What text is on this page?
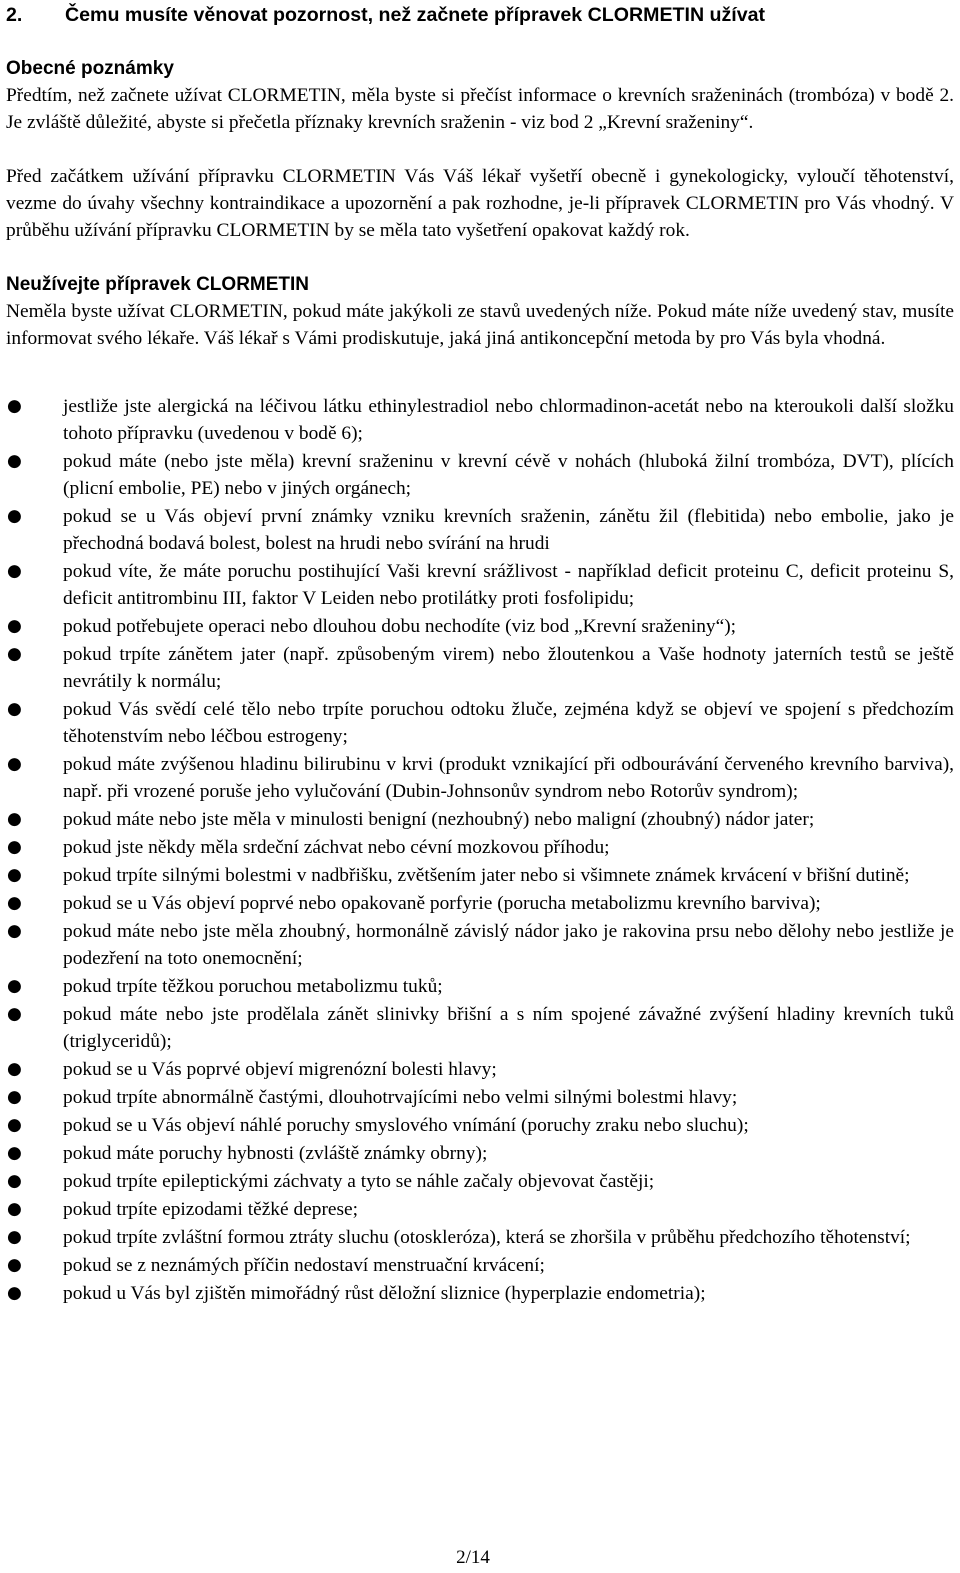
2.	Čemu musíte věnovat pozornost, než začnete přípravek CLORMETIN užívat
Obecné poznámky

Předtím, než začnete užívat CLORMETIN, měla byste si přečíst informace o krevních sraženinách (trombóza) v bodě 2. Je zvláště důležité, abyste si přečetla příznaky krevních sraženin - viz bod 2 „Krevní sraženiny“.

Před začátkem užívání přípravku CLORMETIN Vás Váš lékař vyšetří obecně i gynekologicky, vyloučí těhotenství, vezme do úvahy všechny kontraindikace a upozornění a pak rozhodne, je-li přípravek CLORMETIN pro Vás vhodný. V průběhu užívání přípravku CLORMETIN by se měla tato vyšetření opakovat každý rok.

Neužívejte přípravek CLORMETIN

Neměla byste užívat CLORMETIN, pokud máte jakýkoli ze stavů uvedených níže. Pokud máte níže uvedený stav, musíte informovat svého lékaře. Váš lékař s Vámi prodiskutuje, jaká jiná antikoncepční metoda by pro Vás byla vhodná.

● jestliže jste alergická na léčivou látku ethinylestradiol nebo chlormadinon-acetát nebo na kteroukoli další složku tohoto přípravku (uvedenou v bodě 6);
● pokud máte (nebo jste měla) krevní sraženinu v krevní cévě v nohách (hluboká žilní trombóza, DVT), plících (plicní embolie, PE) nebo v jiných orgánech;
● pokud se u Vás objeví první známky vzniku krevních sraženin, zánětu žil (flebitida) nebo embolie, jako je přechodná bodavá bolest, bolest na hrudi nebo svírání na hrudi
● pokud víte, že máte poruchu postihující Vaši krevní srážlivost - například deficit proteinu C, deficit proteinu S, deficit antitrombinu III, faktor V Leiden nebo protilátky proti fosfolipidu;
● pokud potřebujete operaci nebo dlouhou dobu nechodíte (viz bod „Krevní sraženiny“);
● pokud trpíte zánětem jater (např. způsobeným virem) nebo žloutenkou a Vaše hodnoty jaterních testů se ještě nevrátily k normálu;
● pokud Vás svědí celé tělo nebo trpíte poruchou odtoku žluče, zejména když se objeví ve spojení s předchozím těhotenstvím nebo léčbou estrogeny;
● pokud máte zvýšenou hladinu bilirubinu v krvi (produkt vznikající při odbourávání červeného krevního barviva), např. při vrozené poruše jeho vylučování (Dubin-Johnsonův syndrom nebo Rotorův syndrom);
● pokud máte nebo jste měla v minulosti benigní (nezhoubný) nebo maligní (zhoubný) nádor jater;
● pokud jste někdy měla srdeční záchvat nebo cévní mozkovou příhodu;
● pokud trpíte silnými bolestmi v nadbřišku, zvětšením jater nebo si všimnete známek krvácení v břišní dutině;
● pokud se u Vás objeví poprvé nebo opakovaně porfyrie (porucha metabolizmu krevního barviva);
● pokud máte nebo jste měla zhoubný, hormonálně závislý nádor jako je rakovina prsu nebo dělohy nebo jestliže je podezření na toto onemocnění;
● pokud trpíte těžkou poruchou metabolizmu tuků;
● pokud máte nebo jste prodělala zánět slinivky břišní a s ním spojené závažné zvýšení hladiny krevních tuků (triglyceridů);
● pokud se u Vás poprvé objeví migrenózní bolesti hlavy;
● pokud trpíte abnormálně častými, dlouhotrvajícími nebo velmi silnými bolestmi hlavy;
● pokud se u Vás objeví náhlé poruchy smyslového vnímání (poruchy zraku nebo sluchu);
● pokud máte poruchy hybnosti (zvláště známky obrny);
● pokud trpíte epileptickými záchvaty a tyto se náhle začaly objevovat častěji;
● pokud trpíte epizodami těžké deprese;
● pokud trpíte zvláštní formou ztráty sluchu (otoskleróza), která se zhoršila v průběhu předchozího těhotenství;
● pokud se z neznámých příčin nedostaví menstruační krvácení;
● pokud u Vás byl zjištěn mimořádný růst děložní sliznice (hyperplazie endometria);
2/14
